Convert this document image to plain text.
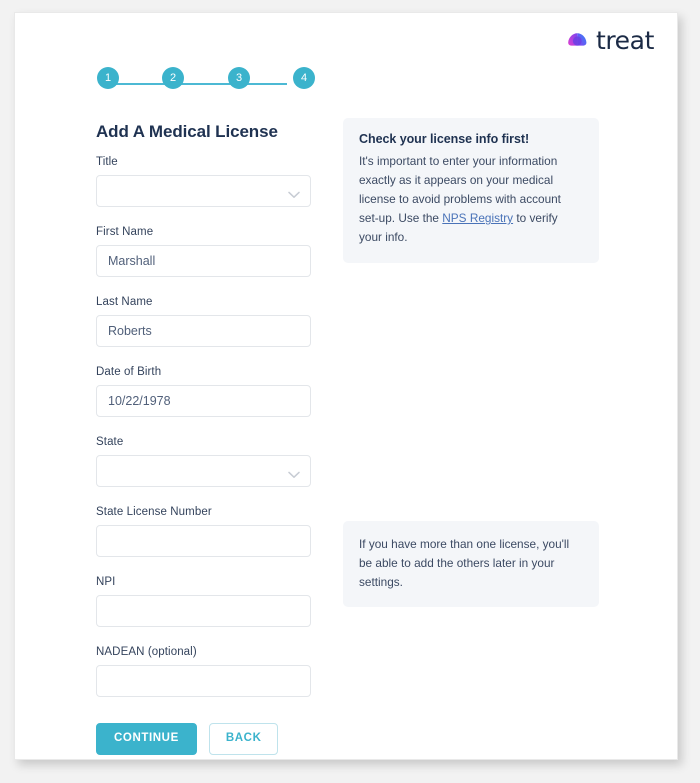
treat
1	2	3	4
Add A Medical License
Title
First Name
Marshall
Last Name
Roberts
Date of Birth
10/22/1978
State
State License Number
NPI
NADEAN (optional)
CONTINUE	BACK
Check your license info first!
It's important to enter your information exactly as it appears on your medical license to avoid problems with account set-up. Use the NPS Registry to verify your info.
If you have more than one license, you'll be able to add the others later in your settings.
